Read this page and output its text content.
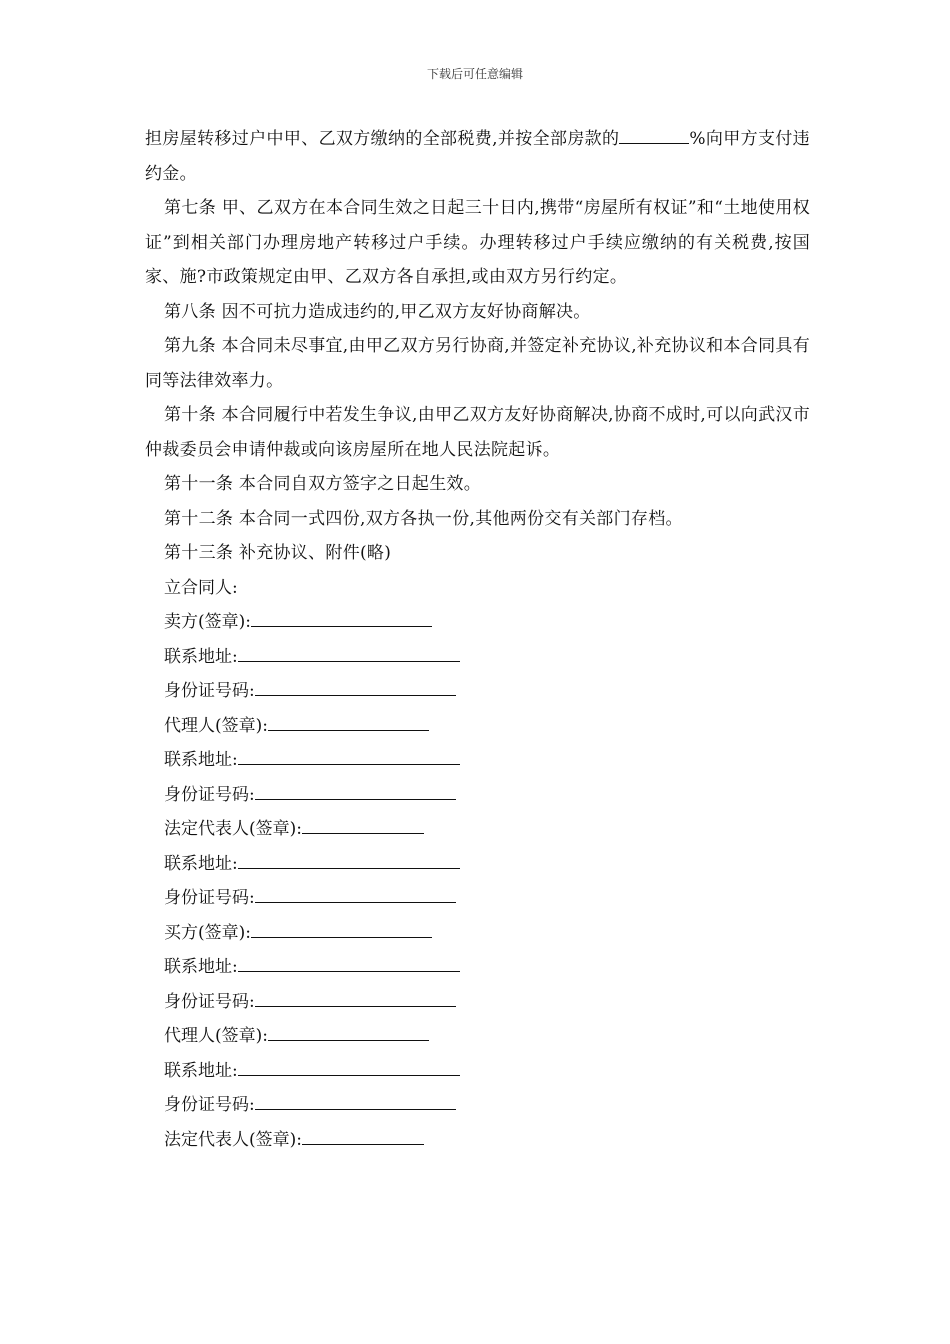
下载后可任意编辑

担房屋转移过户中甲、乙双方缴纳的全部税费,并按全部房款的	%向甲方支付违约金。

第七条 甲、乙双方在本合同生效之日起三十日内,携带“房屋所有权证”和“土地使用权证”到相关部门办理房地产转移过户手续。办理转移过户手续应缴纳的有关税费,按国家、施?市政策规定由甲、乙双方各自承担,或由双方另行约定。

第八条 因不可抗力造成违约的,甲乙双方友好协商解决。

第九条 本合同未尽事宜,由甲乙双方另行协商,并签定补充协议,补充协议和本合同具有同等法律效率力。

第十条 本合同履行中若发生争议,由甲乙双方友好协商解决,协商不成时,可以向武汉市仲裁委员会申请仲裁或向该房屋所在地人民法院起诉。

第十一条 本合同自双方签字之日起生效。

第十二条 本合同一式四份,双方各执一份,其他两份交有关部门存档。

第十三条 补充协议、附件(略)

立合同人:

卖方(签章):

联系地址:

身份证号码:

代理人(签章):

联系地址:

身份证号码:

法定代表人(签章):

联系地址:

身份证号码:

买方(签章):

联系地址:

身份证号码:

代理人(签章):

联系地址:

身份证号码:

法定代表人(签章):
